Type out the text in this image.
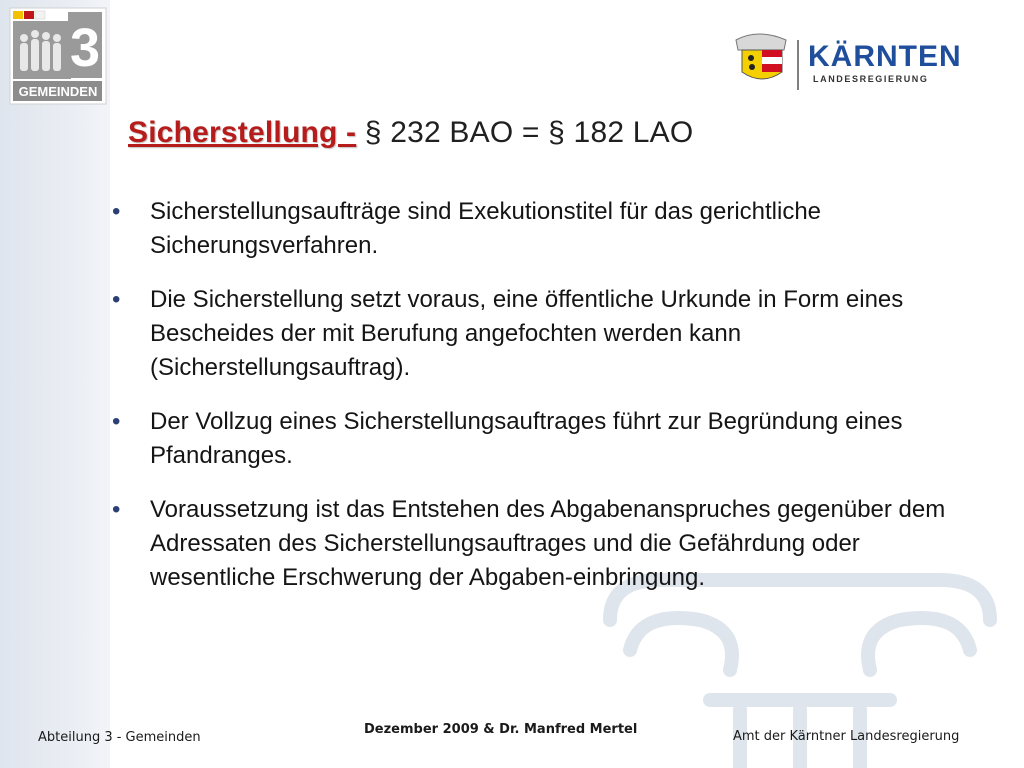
3
GEMEINDEN
KÄRNTEN
LANDESREGIERUNG
Sicherstellung - § 232 BAO = § 182 LAO
• Sicherstellungsaufträge sind Exekutionstitel für das gerichtliche Sicherungsverfahren.
• Die Sicherstellung setzt voraus, eine öffentliche Urkunde in Form eines Bescheides der mit Berufung angefochten werden kann (Sicherstellungsauftrag).
• Der Vollzug eines Sicherstellungsauftrages führt zur Begründung eines Pfandranges.
• Voraussetzung ist das Entstehen des Abgabenanspruches gegenüber dem Adressaten des Sicherstellungsauftrages und die Gefährdung oder wesentliche Erschwerung der Abgaben-einbringung.
Abteilung 3 - Gemeinden
Dezember 2009 & Dr. Manfred Mertel	Amt der Kärntner Landesregierung
